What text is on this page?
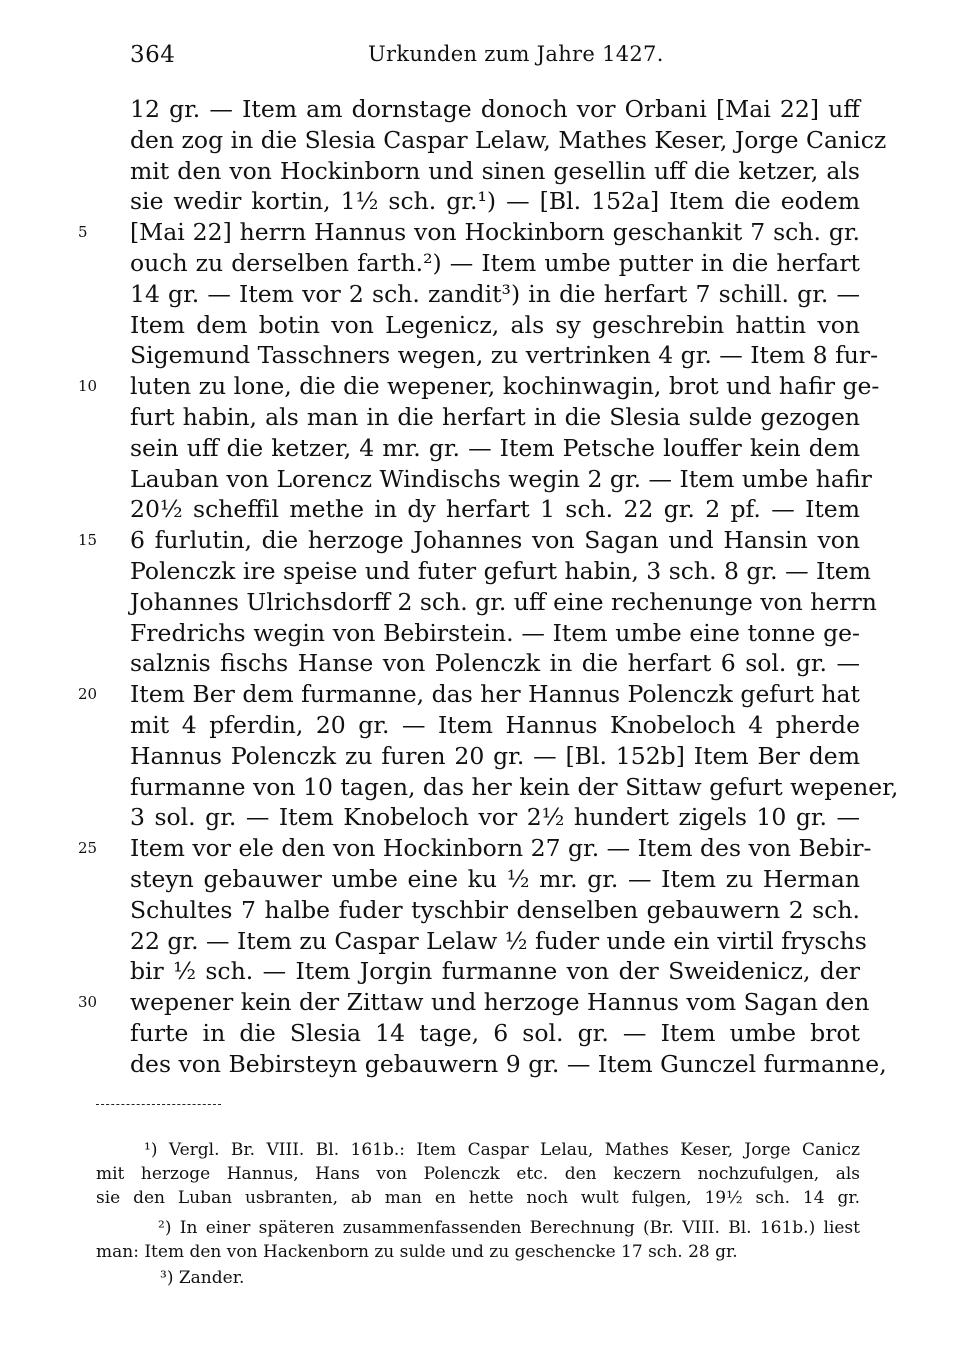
364	Urkunden zum Jahre 1427.
12 gr. — Item am dornstage donoch vor Orbani [Mai 22] uff
den zog in die Slesia Caspar Lelaw, Mathes Keser, Jorge Canicz
mit den von Hockinborn und sinen gesellin uff die ketzer, als
sie wedir kortin, 1½ sch. gr.¹) — [Bl. 152a] Item die eodem
[Mai 22] herrn Hannus von Hockinborn geschankit 7 sch. gr.
ouch zu derselben farth.²) — Item umbe putter in die herfart
14 gr. — Item vor 2 sch. zandit³) in die herfart 7 schill. gr. —
Item dem botin von Legenicz, als sy geschrebin hattin von
Sigemund Tasschners wegen, zu vertrinken 4 gr. — Item 8 fur-
luten zu lone, die die wepener, kochinwagin, brot und hafir ge-
furt habin, als man in die herfart in die Slesia sulde gezogen
sein uff die ketzer, 4 mr. gr. — Item Petsche louffer kein dem
Lauban von Lorencz Windischs wegin 2 gr. — Item umbe hafir
20½ scheffil methe in dy herfart 1 sch. 22 gr. 2 pf. — Item
6 furlutin, die herzoge Johannes von Sagan und Hansin von
Polenczk ire speise und futer gefurt habin, 3 sch. 8 gr. — Item
Johannes Ulrichsdorff 2 sch. gr. uff eine rechenunge von herrn
Fredrichs wegin von Bebirstein. — Item umbe eine tonne ge-
salznis fischs Hanse von Polenczk in die herfart 6 sol. gr. —
Item Ber dem furmanne, das her Hannus Polenczk gefurt hat
mit 4 pferdin, 20 gr. — Item Hannus Knobeloch 4 pherde
Hannus Polenczk zu furen 20 gr. — [Bl. 152b] Item Ber dem
furmanne von 10 tagen, das her kein der Sittaw gefurt wepener,
3 sol. gr. — Item Knobeloch vor 2½ hundert zigels 10 gr. —
Item vor ele den von Hockinborn 27 gr. — Item des von Bebir-
steyn gebauwer umbe eine ku ½ mr. gr. — Item zu Herman
Schultes 7 halbe fuder tyschbir denselben gebauwern 2 sch.
22 gr. — Item zu Caspar Lelaw ½ fuder unde ein virtil fryschs
bir ½ sch. — Item Jorgin furmanne von der Sweidenicz, der
wepener kein der Zittaw und herzoge Hannus vom Sagan den
furte in die Slesia 14 tage, 6 sol. gr. — Item umbe brot
des von Bebirsteyn gebauwern 9 gr. — Item Gunczel furmanne,
5
10
15
20
25
30
¹) Vergl. Br. VIII. Bl. 161b.: Item Caspar Lelau, Mathes Keser, Jorge Canicz
mit herzoge Hannus, Hans von Polenczk etc. den keczern nochzufulgen, als
sie den Luban usbranten, ab man en hette noch wult fulgen, 19½ sch. 14 gr.
²) In einer späteren zusammenfassenden Berechnung (Br. VIII. Bl. 161b.) liest
man: Item den von Hackenborn zu sulde und zu geschencke 17 sch. 28 gr.
³) Zander.
